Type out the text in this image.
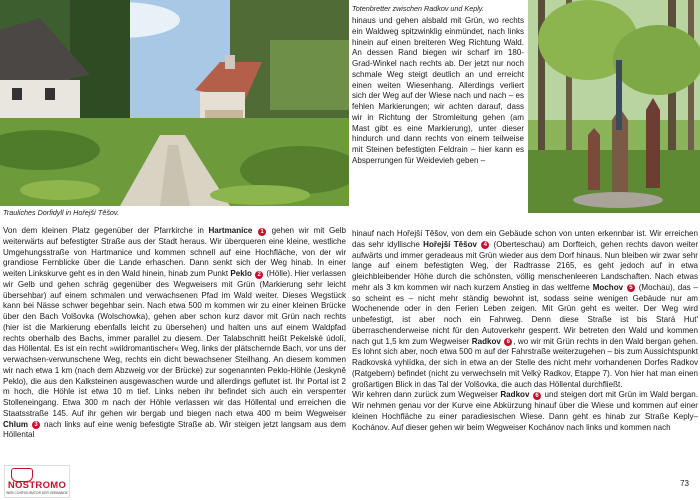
Trauliches Dorfidyll in Hořejší Těšov.
Totenbretter zwischen Radkov und Keply.

Von dem kleinen Platz gegenüber der Pfarrkirche in Hartmanice 1 gehen wir mit Gelb weiterwärts auf befestigter Straße aus der Stadt heraus. Wir überqueren eine kleine, westliche Umgehungsstraße von Hartmanice und kommen schnell auf eine Hochfläche, von der wir grandiose Fernblicke über die Lande erhaschen. Dann senkt sich der Weg hinab. In einer weiten Linkskurve geht es in den Wald hinein, hinab zum Punkt Peklo 2 (Hölle). Hier verlassen wir Gelb und gehen schräg gegenüber des Wegweisers mit Grün (Markierung sehr leicht übersehbar) auf einem schmalen und verwachsenen Pfad im Wald weiter. Dieses Wegstück kann bei Nässe schwer begehbar sein. Nach etwa 500 m kommen wir zu einer kleinen Brücke über den Bach Volšovka (Wolschowka), gehen aber schon kurz davor mit Grün nach rechts (hier ist die Markierung ebenfalls leicht zu übersehen) und halten uns auf einem Waldpfad rechts oberhalb des Bachs, immer parallel zu diesem. Der Talabschnitt heißt Pekelské údolí, das Höllental. Es ist ein recht »wildromantischer« Weg, links der plätschernde Bach, vor uns der verwachsen-verwunschene Weg, rechts ein dicht bewachsener Steilhang. An diesem kommen wir nach etwa 1 km (nach dem Abzweig vor der Brücke) zur sogenannten Peklo-Höhle (Jeskyně Peklo), die aus den Kalksteinen ausgewaschen wurde und allerdings geflutet ist. Ihr Portal ist 2 m hoch, die Höhle ist etwa 10 m tief. Links neben ihr befindet sich auch ein versperrter Stolleneingang. Etwa 300 m nach der Höhle verlassen wir das Höllental und erreichen die Staatsstraße 145. Auf ihr gehen wir bergab und biegen nach etwa 400 m beim Wegweiser Chlum 3 nach links auf eine wenig befestigte Straße ab. Wir steigen jetzt langsam aus dem Höllental

hinaus und gehen alsbald mit Grün, wo rechts ein Waldweg spitzwinklig einmündet, nach links hinein auf einen breiteren Weg Richtung Wald. An dessen Rand biegen wir scharf im 180-Grad-Winkel nach rechts ab. Der jetzt nur noch schmale Weg steigt deutlich an und erreicht einen weiten Wiesenhang. Allerdings verliert sich der Weg auf der Wiese nach und nach – es fehlen Markierungen; wir achten darauf, dass wir in Richtung der Stromleitung gehen (am Mast gibt es eine Markierung), unter dieser hindurch und dann rechts von einem teilweise mit Steinen befestigten Feldrain – hier kann es Absperrungen für Weidevieh geben –

hinauf nach Hořejší Těšov, von dem ein Gebäude schon von unten erkennbar ist. Wir erreichen das sehr idyllische Hořejší Těšov 4 (Oberteschau) am Dorfteich, gehen rechts davon weiter aufwärts und immer geradeaus mit Grün wieder aus dem Dorf hinaus. Nun bleiben wir zwar sehr lange auf einem befestigten Weg, der Radtrasse 2165, es geht jedoch auf in etwa gleichbleibender Höhe durch die schönsten, völlig menschenleeren Landschaften. Nach etwas mehr als 3 km kommen wir nach kurzem Anstieg in das weltferne Mochov 5 (Mochau), das – so scheint es – nicht mehr ständig bewohnt ist, sodass seine wenigen Gebäude nur am Wochenende oder in den Ferien Leben zeigen. Mit Grün geht es weiter. Der Weg wird unbefestigt, ist aber noch ein Fahrweg. Denn diese Straße ist bis Stará Hut' überraschenderweise nicht für den Autoverkehr gesperrt. Wir betreten den Wald und kommen nach gut 1,5 km zum Wegweiser Radkov 6 , wo wir mit Grün rechts in den Wald bergan gehen. Es lohnt sich aber, noch etwa 500 m auf der Fahrstraße weiterzugehen – bis zum Aussichtspunkt Radkovská vyhlídka, der sich in etwa an der Stelle des nicht mehr vorhandenen Dorfes Radkov (Ratgebern) befindet (nicht zu verwechseln mit Velký Radkov, Etappe 7). Von hier hat man einen großartigen Blick in das Tal der Volšovka, die auch das Höllental durchfließt.

Wir kehren dann zurück zum Wegweiser Radkov 6 und steigen dort mit Grün im Wald bergan. Wir nehmen genau vor der Kurve eine Abkürzung hinauf über die Wiese und kommen auf einer kleinen Hochfläche zu einer paradiesischen Wiese. Dann geht es hinab zur Straße Keply–Kochánov. Auf dieser gehen wir beim Wegweiser Kochánov nach links und kommen nach

73
NOSTROMO
WEB CONFIGURATOR DER VERBÄNDE
